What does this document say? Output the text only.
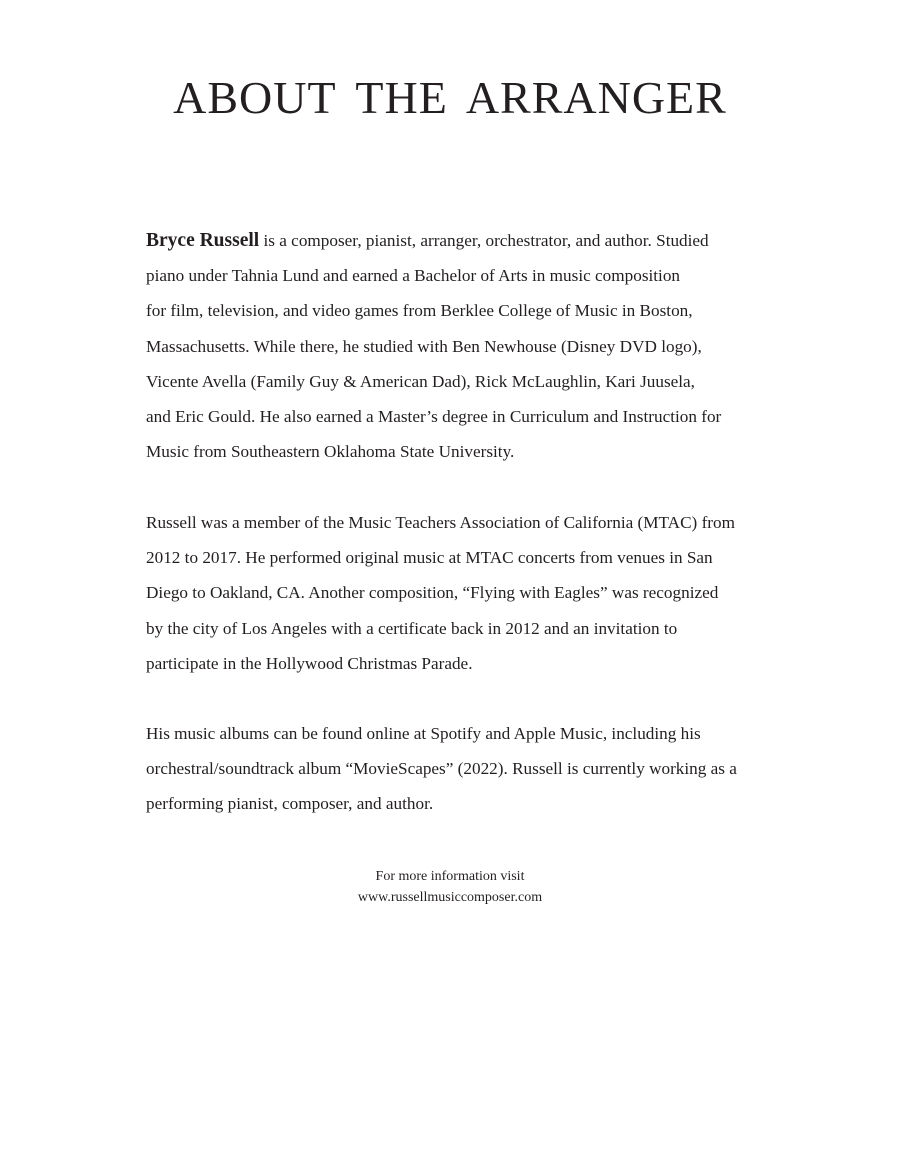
ABOUT THE ARRANGER

Bryce Russell is a composer, pianist, arranger, orchestrator, and author. Studied
piano under Tahnia Lund and earned a Bachelor of Arts in music composition
for film, television, and video games from Berklee College of Music in Boston,
Massachusetts. While there, he studied with Ben Newhouse (Disney DVD logo),
Vicente Avella (Family Guy & American Dad), Rick McLaughlin, Kari Juusela,
and Eric Gould. He also earned a Master’s degree in Curriculum and Instruction for
Music from Southeastern Oklahoma State University.

Russell was a member of the Music Teachers Association of California (MTAC) from
2012 to 2017. He performed original music at MTAC concerts from venues in San
Diego to Oakland, CA. Another composition, “Flying with Eagles” was recognized
by the city of Los Angeles with a certificate back in 2012 and an invitation to
participate in the Hollywood Christmas Parade.

His music albums can be found online at Spotify and Apple Music, including his
orchestral/soundtrack album “MovieScapes” (2022). Russell is currently working as a
performing pianist, composer, and author.

For more information visit
www.russellmusiccomposer.com
